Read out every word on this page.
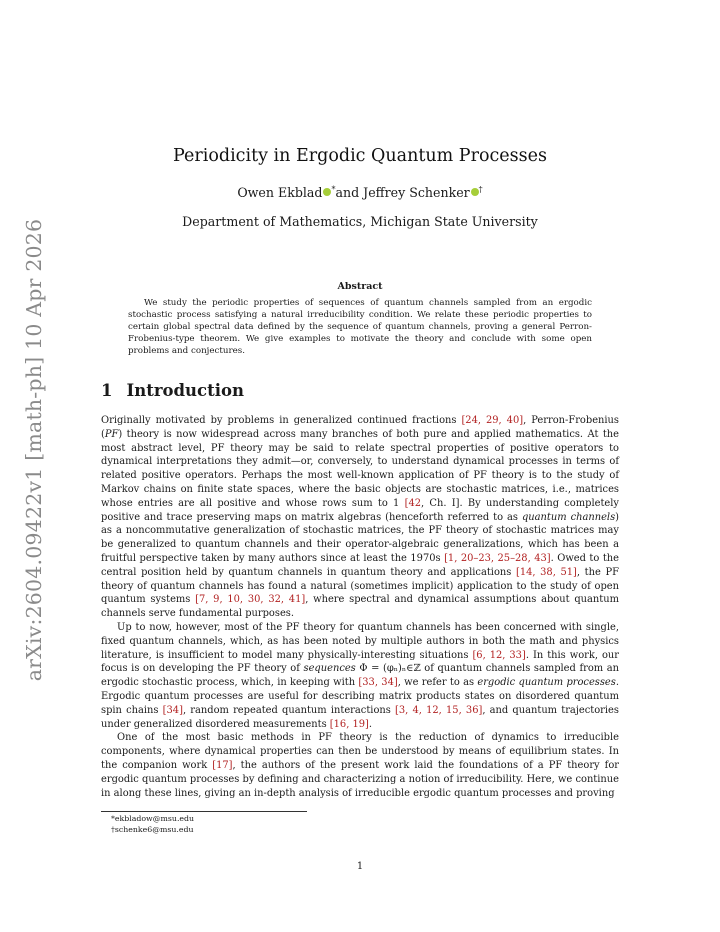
arXiv:2604.09422v1 [math-ph] 10 Apr 2026
Periodicity in Ergodic Quantum Processes
Owen Ekblad *and Jeffrey Schenker †
Department of Mathematics, Michigan State University
Abstract
We study the periodic properties of sequences of quantum channels sampled from an ergodic stochastic process satisfying a natural irreducibility condition. We relate these periodic properties to certain global spectral data defined by the sequence of quantum channels, proving a general Perron-Frobenius-type theorem. We give examples to motivate the theory and conclude with some open problems and conjectures.
1 Introduction

Originally motivated by problems in generalized continued fractions [24, 29, 40], Perron-Frobenius (PF) theory is now widespread across many branches of both pure and applied mathematics. At the most abstract level, PF theory may be said to relate spectral properties of positive operators to dynamical interpretations they admit—or, conversely, to understand dynamical processes in terms of related positive operators. Perhaps the most well-known application of PF theory is to the study of Markov chains on finite state spaces, where the basic objects are stochastic matrices, i.e., matrices whose entries are all positive and whose rows sum to 1 [42, Ch. I]. By understanding completely positive and trace preserving maps on matrix algebras (henceforth referred to as quantum channels) as a noncommutative generalization of stochastic matrices, the PF theory of stochastic matrices may be generalized to quantum channels and their operator-algebraic generalizations, which has been a fruitful perspective taken by many authors since at least the 1970s [1, 20–23, 25–28, 43]. Owed to the central position held by quantum channels in quantum theory and applications [14, 38, 51], the PF theory of quantum channels has found a natural (sometimes implicit) application to the study of open quantum systems [7, 9, 10, 30, 32, 41], where spectral and dynamical assumptions about quantum channels serve fundamental purposes.

Up to now, however, most of the PF theory for quantum channels has been concerned with single, fixed quantum channels, which, as has been noted by multiple authors in both the math and physics literature, is insufficient to model many physically-interesting situations [6, 12, 33]. In this work, our focus is on developing the PF theory of sequences Φ = (φₙ)ₙ∈ℤ of quantum channels sampled from an ergodic stochastic process, which, in keeping with [33, 34], we refer to as ergodic quantum processes. Ergodic quantum processes are useful for describing matrix products states on disordered quantum spin chains [34], random repeated quantum interactions [3, 4, 12, 15, 36], and quantum trajectories under generalized disordered measurements [16, 19].

One of the most basic methods in PF theory is the reduction of dynamics to irreducible components, where dynamical properties can then be understood by means of equilibrium states. In the companion work [17], the authors of the present work laid the foundations of a PF theory for ergodic quantum processes by defining and characterizing a notion of irreducibility. Here, we continue in along these lines, giving an in-depth analysis of irreducible ergodic quantum processes and proving

*ekbladow@msu.edu
†schenke6@msu.edu
1
